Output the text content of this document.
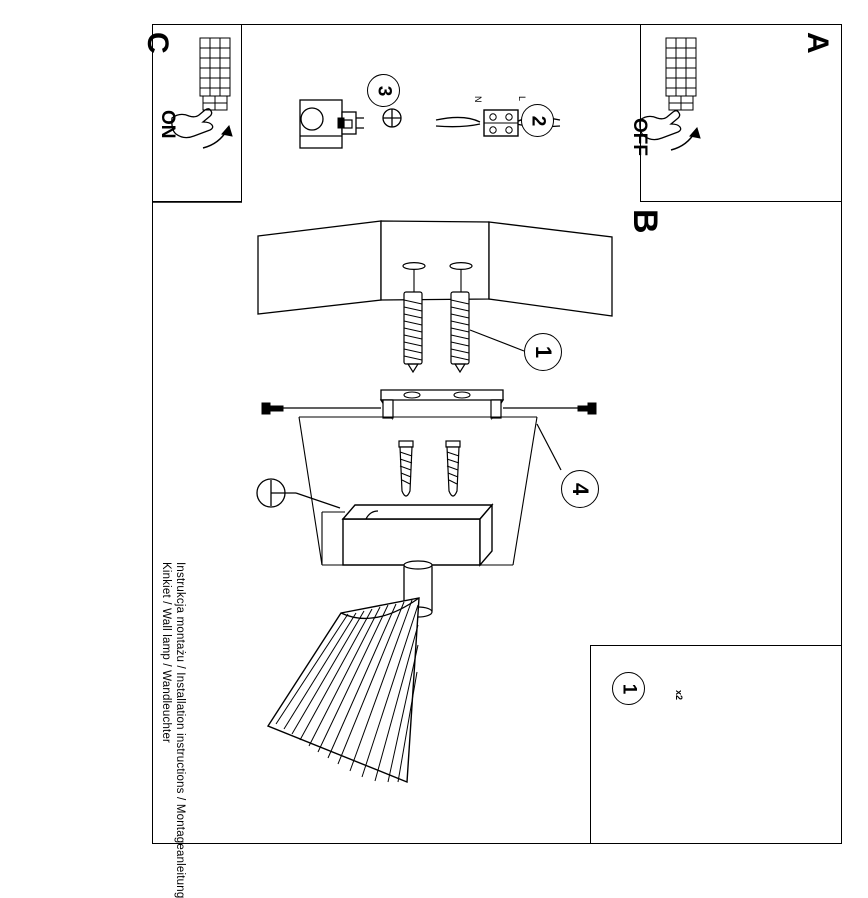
C
ON
A
OFF
B
1
4
2
3
1
x2
Instrukcja montażu / Installation instructions / Montageanleitung
Kinkiet / Wall lamp / Wandleuchter
N	L
